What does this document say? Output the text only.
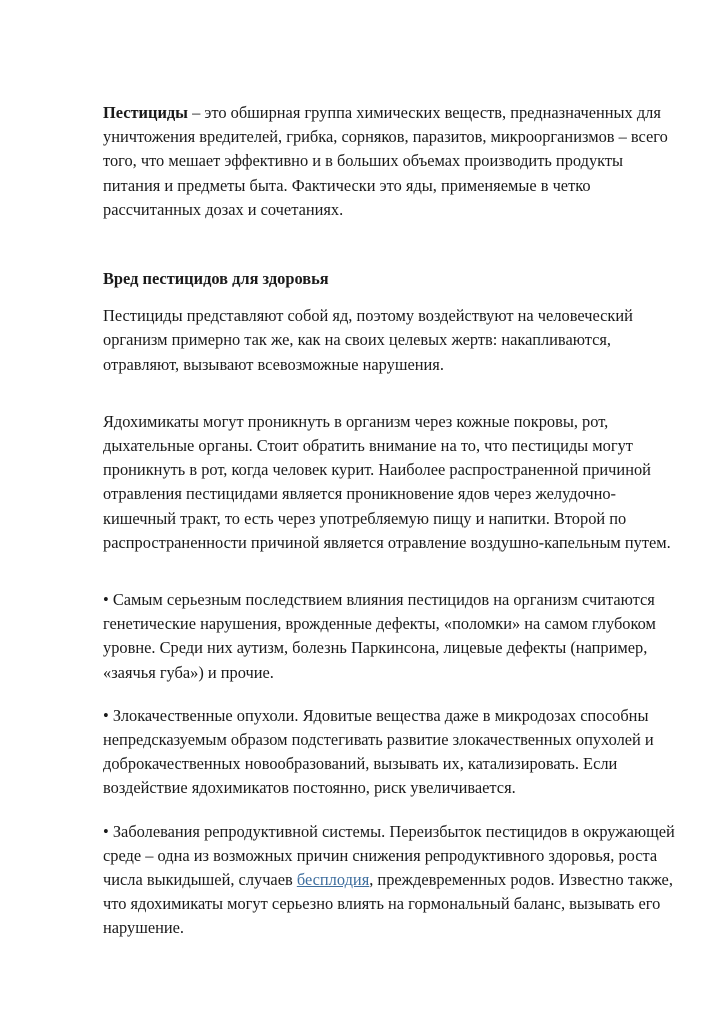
Пестициды – это обширная группа химических веществ, предназначенных для уничтожения вредителей, грибка, сорняков, паразитов, микроорганизмов – всего того, что мешает эффективно и в больших объемах производить продукты питания и предметы быта. Фактически это яды, применяемые в четко рассчитанных дозах и сочетаниях.

Вред пестицидов для здоровья

Пестициды представляют собой яд, поэтому воздействуют на человеческий организм примерно так же, как на своих целевых жертв: накапливаются, отравляют, вызывают всевозможные нарушения.

Ядохимикаты могут проникнуть в организм через кожные покровы, рот, дыхательные органы. Стоит обратить внимание на то, что пестициды могут проникнуть в рот, когда человек курит. Наиболее распространенной причиной отравления пестицидами является проникновение ядов через желудочно-кишечный тракт, то есть через употребляемую пищу и напитки. Второй по распространенности причиной является отравление воздушно-капельным путем.

• Самым серьезным последствием влияния пестицидов на организм считаются генетические нарушения, врожденные дефекты, «поломки» на самом глубоком уровне. Среди них аутизм, болезнь Паркинсона, лицевые дефекты (например, «заячья губа») и прочие.

• Злокачественные опухоли. Ядовитые вещества даже в микродозах способны непредсказуемым образом подстегивать развитие злокачественных опухолей и доброкачественных новообразований, вызывать их, катализировать. Если воздействие ядохимикатов постоянно, риск увеличивается.

• Заболевания репродуктивной системы. Переизбыток пестицидов в окружающей среде – одна из возможных причин снижения репродуктивного здоровья, роста числа выкидышей, случаев бесплодия, преждевременных родов. Известно также, что ядохимикаты могут серьезно влиять на гормональный баланс, вызывать его нарушение.
